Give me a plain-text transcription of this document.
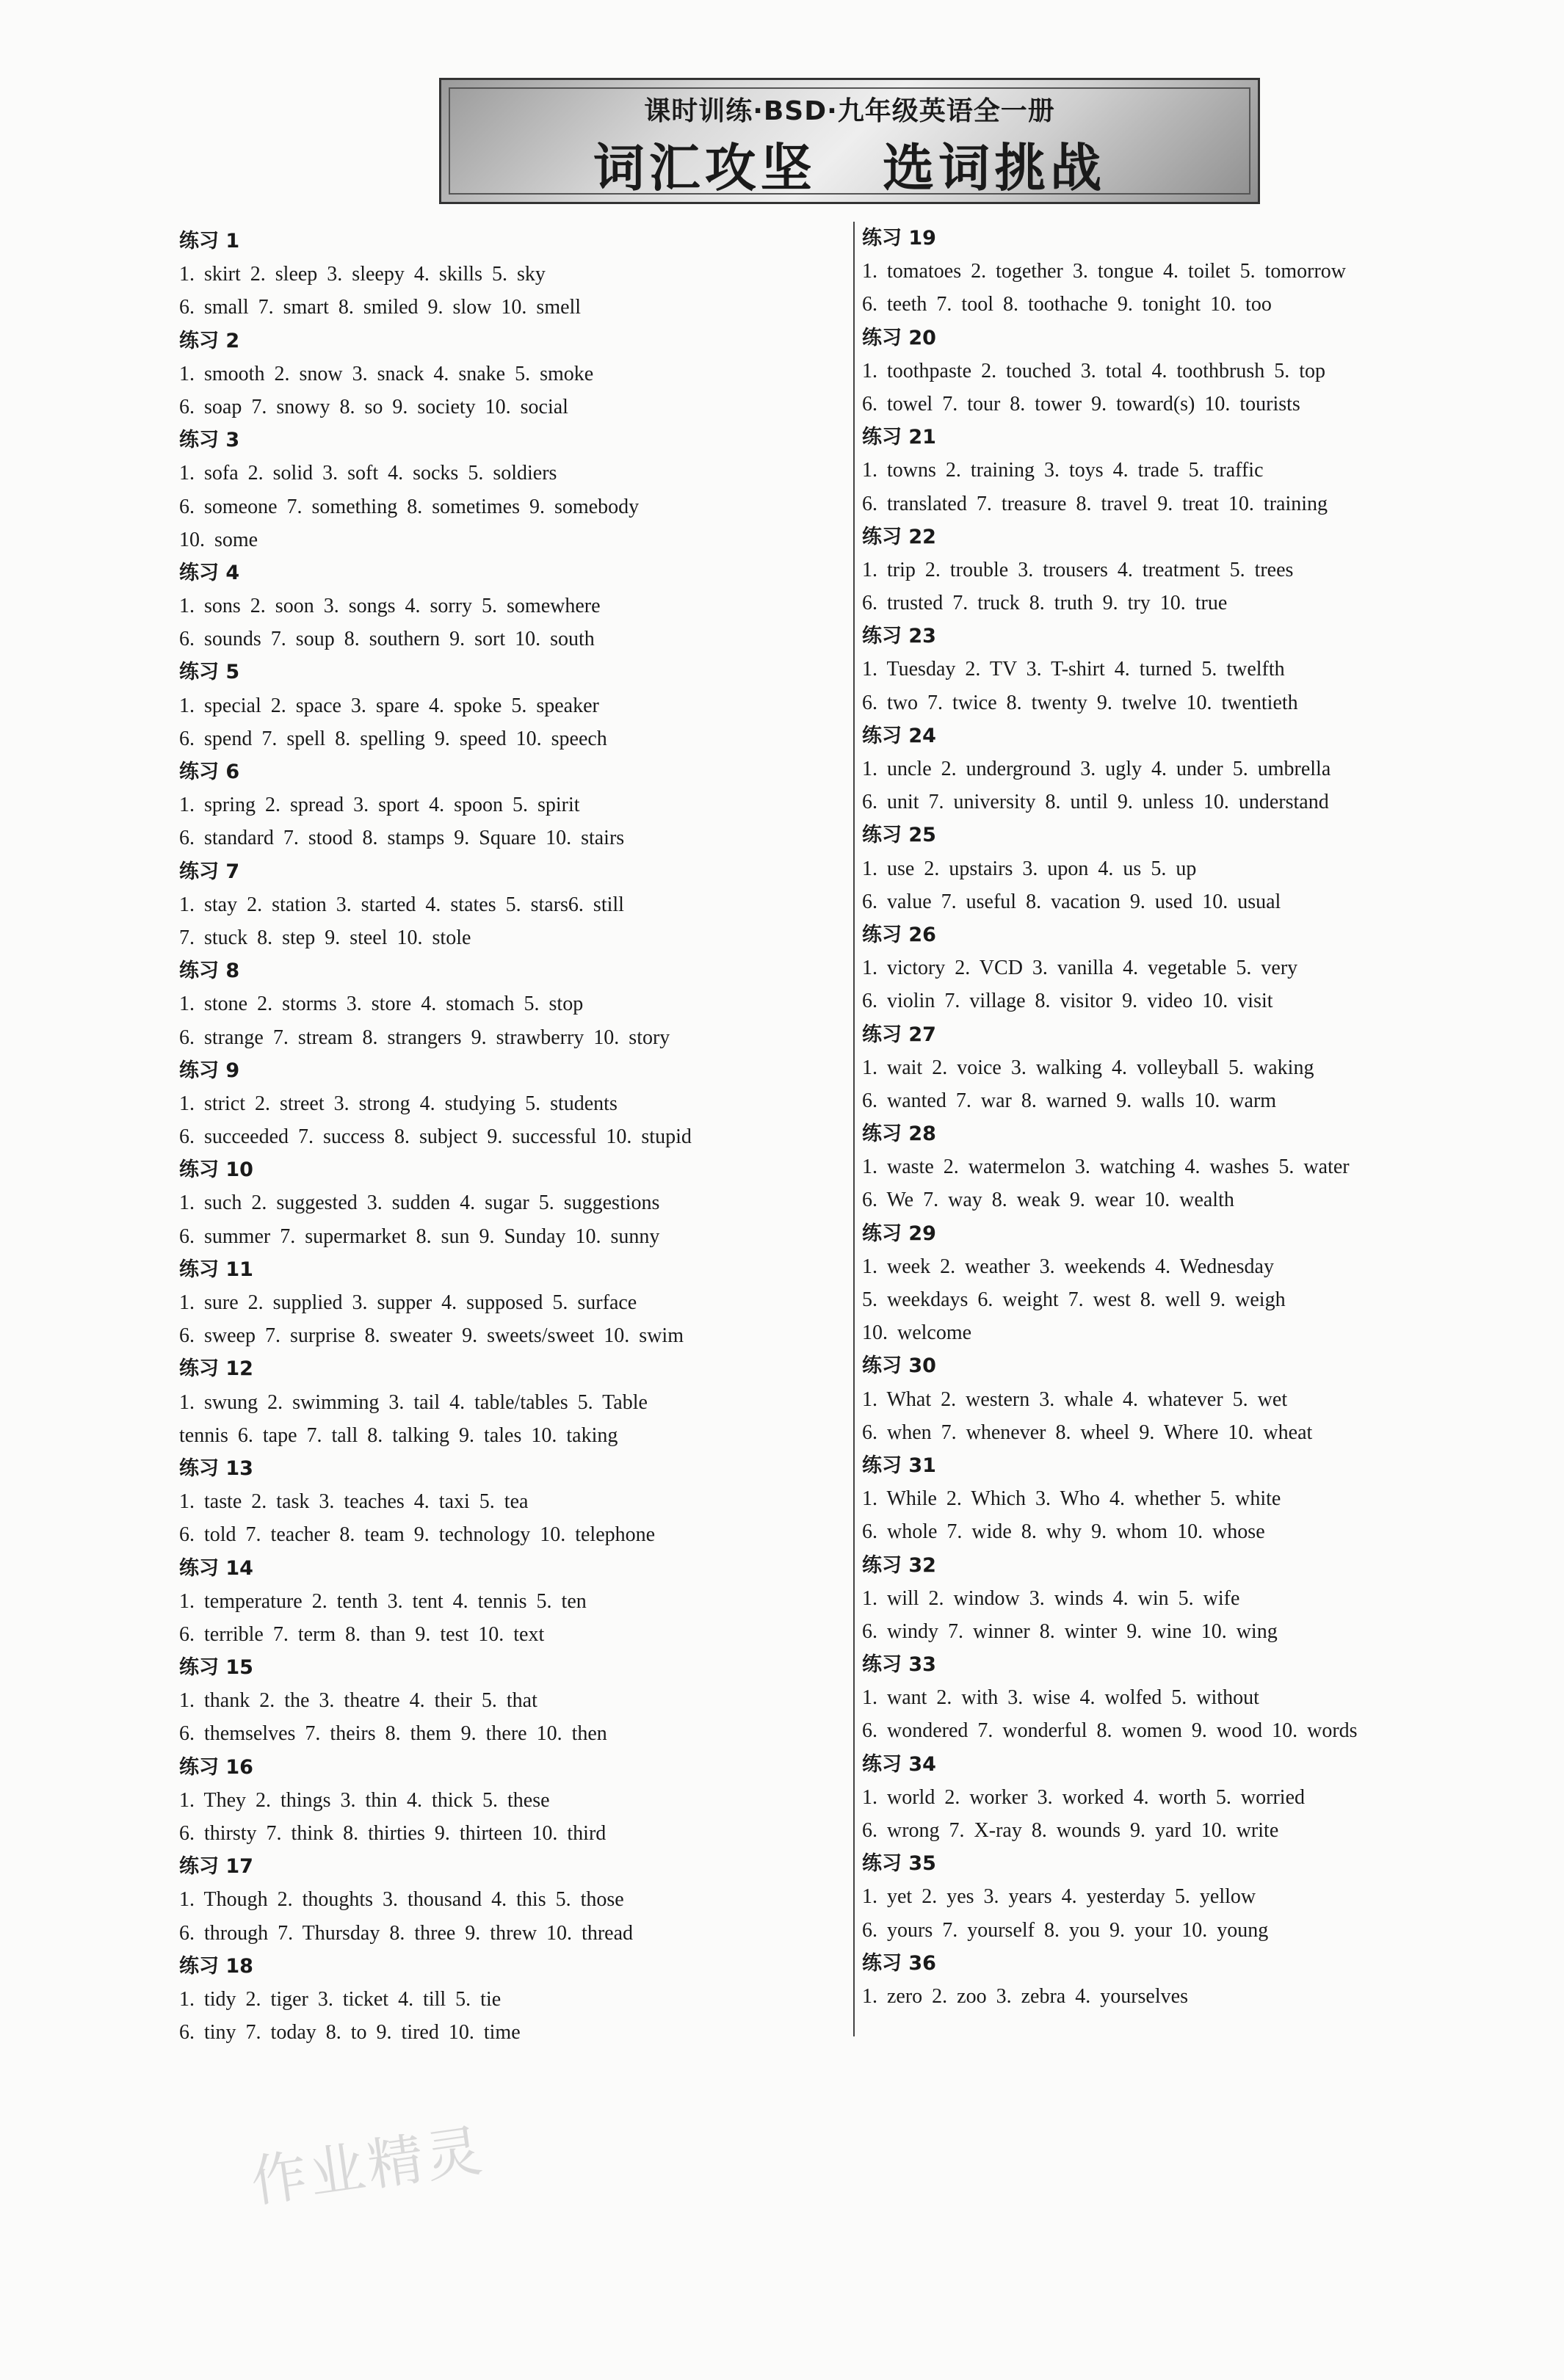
课时训练·BSD·九年级英语全一册
词汇攻坚 选词挑战
练习 1
1. skirt 2. sleep 3. sleepy 4. skills 5. sky
6. small 7. smart 8. smiled 9. slow 10. smell
练习 2
1. smooth 2. snow 3. snack 4. snake 5. smoke
6. soap 7. snowy 8. so 9. society 10. social
练习 3
1. sofa 2. solid 3. soft 4. socks 5. soldiers
6. someone 7. something 8. sometimes 9. somebody
10. some
练习 4
1. sons 2. soon 3. songs 4. sorry 5. somewhere
6. sounds 7. soup 8. southern 9. sort 10. south
练习 5
1. special 2. space 3. spare 4. spoke 5. speaker
6. spend 7. spell 8. spelling 9. speed 10. speech
练习 6
1. spring 2. spread 3. sport 4. spoon 5. spirit
6. standard 7. stood 8. stamps 9. Square 10. stairs
练习 7
1. stay 2. station 3. started 4. states 5. stars6. still
7. stuck 8. step 9. steel 10. stole
练习 8
1. stone 2. storms 3. store 4. stomach 5. stop
6. strange 7. stream 8. strangers 9. strawberry 10. story
练习 9
1. strict 2. street 3. strong 4. studying 5. students
6. succeeded 7. success 8. subject 9. successful 10. stupid
练习 10
1. such 2. suggested 3. sudden 4. sugar 5. suggestions
6. summer 7. supermarket 8. sun 9. Sunday 10. sunny
练习 11
1. sure 2. supplied 3. supper 4. supposed 5. surface
6. sweep 7. surprise 8. sweater 9. sweets/sweet 10. swim
练习 12
1. swung 2. swimming 3. tail 4. table/tables 5. Table
tennis 6. tape 7. tall 8. talking 9. tales 10. taking
练习 13
1. taste 2. task 3. teaches 4. taxi 5. tea
6. told 7. teacher 8. team 9. technology 10. telephone
练习 14
1. temperature 2. tenth 3. tent 4. tennis 5. ten
6. terrible 7. term 8. than 9. test 10. text
练习 15
1. thank 2. the 3. theatre 4. their 5. that
6. themselves 7. theirs 8. them 9. there 10. then
练习 16
1. They 2. things 3. thin 4. thick 5. these
6. thirsty 7. think 8. thirties 9. thirteen 10. third
练习 17
1. Though 2. thoughts 3. thousand 4. this 5. those
6. through 7. Thursday 8. three 9. threw 10. thread
练习 18
1. tidy 2. tiger 3. ticket 4. till 5. tie
6. tiny 7. today 8. to 9. tired 10. time
练习 19
1. tomatoes 2. together 3. tongue 4. toilet 5. tomorrow
6. teeth 7. tool 8. toothache 9. tonight 10. too
练习 20
1. toothpaste 2. touched 3. total 4. toothbrush 5. top
6. towel 7. tour 8. tower 9. toward(s) 10. tourists
练习 21
1. towns 2. training 3. toys 4. trade 5. traffic
6. translated 7. treasure 8. travel 9. treat 10. training
练习 22
1. trip 2. trouble 3. trousers 4. treatment 5. trees
6. trusted 7. truck 8. truth 9. try 10. true
练习 23
1. Tuesday 2. TV 3. T-shirt 4. turned 5. twelfth
6. two 7. twice 8. twenty 9. twelve 10. twentieth
练习 24
1. uncle 2. underground 3. ugly 4. under 5. umbrella
6. unit 7. university 8. until 9. unless 10. understand
练习 25
1. use 2. upstairs 3. upon 4. us 5. up
6. value 7. useful 8. vacation 9. used 10. usual
练习 26
1. victory 2. VCD 3. vanilla 4. vegetable 5. very
6. violin 7. village 8. visitor 9. video 10. visit
练习 27
1. wait 2. voice 3. walking 4. volleyball 5. waking
6. wanted 7. war 8. warned 9. walls 10. warm
练习 28
1. waste 2. watermelon 3. watching 4. washes 5. water
6. We 7. way 8. weak 9. wear 10. wealth
练习 29
1. week 2. weather 3. weekends 4. Wednesday
5. weekdays 6. weight 7. west 8. well 9. weigh
10. welcome
练习 30
1. What 2. western 3. whale 4. whatever 5. wet
6. when 7. whenever 8. wheel 9. Where 10. wheat
练习 31
1. While 2. Which 3. Who 4. whether 5. white
6. whole 7. wide 8. why 9. whom 10. whose
练习 32
1. will 2. window 3. winds 4. win 5. wife
6. windy 7. winner 8. winter 9. wine 10. wing
练习 33
1. want 2. with 3. wise 4. wolfed 5. without
6. wondered 7. wonderful 8. women 9. wood 10. words
练习 34
1. world 2. worker 3. worked 4. worth 5. worried
6. wrong 7. X-ray 8. wounds 9. yard 10. write
练习 35
1. yet 2. yes 3. years 4. yesterday 5. yellow
6. yours 7. yourself 8. you 9. your 10. young
练习 36
1. zero 2. zoo 3. zebra 4. yourselves
作业精灵
